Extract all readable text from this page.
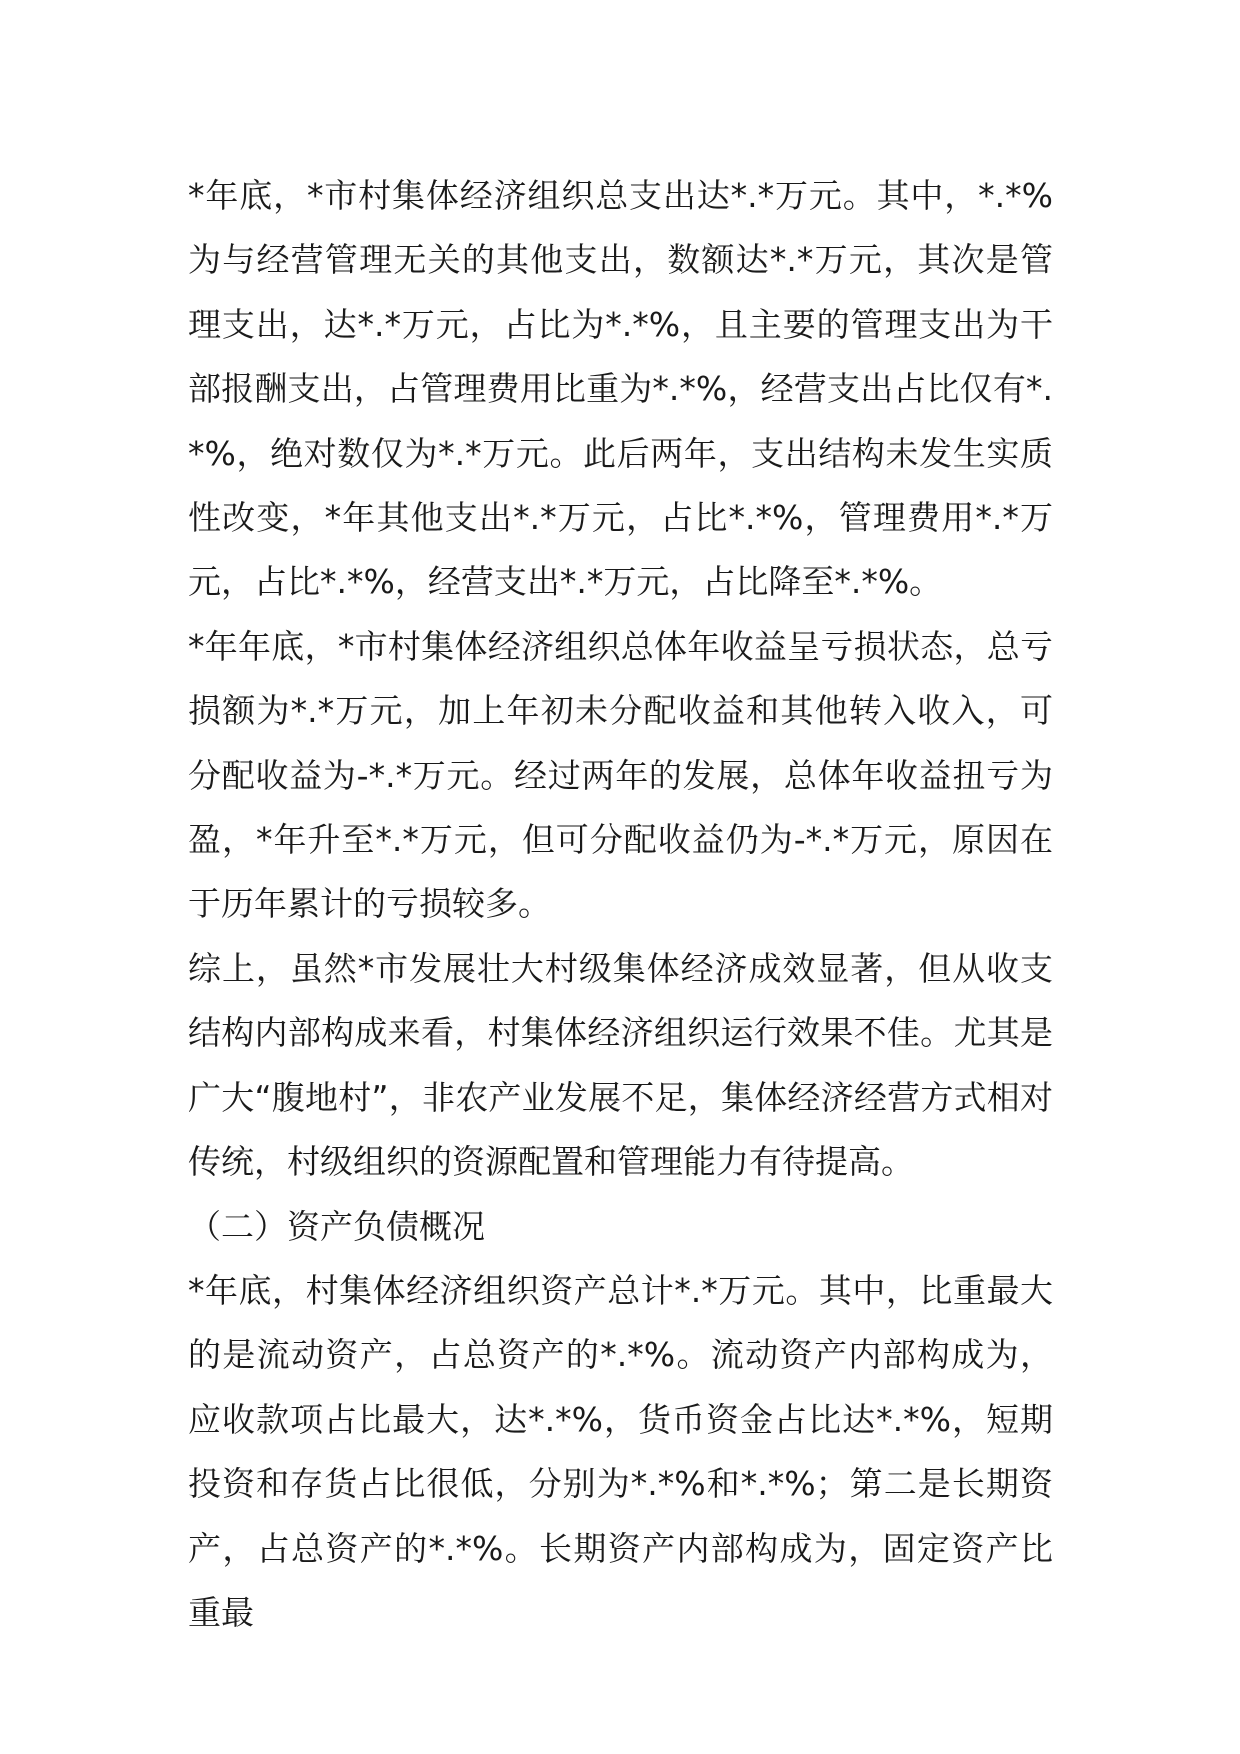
*年底，*市村集体经济组织总支出达*.*万元。其中，*.*%为与经营管理无关的其他支出，数额达*.*万元，其次是管理支出，达*.*万元，占比为*.*%，且主要的管理支出为干部报酬支出，占管理费用比重为*.*%，经营支出占比仅有*.*%，绝对数仅为*.*万元。此后两年，支出结构未发生实质性改变，*年其他支出*.*万元，占比*.*%，管理费用*.*万元，占比*.*%，经营支出*.*万元，占比降至*.*%。

*年年底，*市村集体经济组织总体年收益呈亏损状态，总亏损额为*.*万元，加上年初未分配收益和其他转入收入，可分配收益为-*.*万元。经过两年的发展，总体年收益扭亏为盈，*年升至*.*万元，但可分配收益仍为-*.*万元，原因在于历年累计的亏损较多。

综上，虽然*市发展壮大村级集体经济成效显著，但从收支结构内部构成来看，村集体经济组织运行效果不佳。尤其是广大“腹地村”，非农产业发展不足，集体经济经营方式相对传统，村级组织的资源配置和管理能力有待提高。

（二）资产负债概况

*年底，村集体经济组织资产总计*.*万元。其中，比重最大的是流动资产，占总资产的*.*%。流动资产内部构成为，应收款项占比最大，达*.*%，货币资金占比达*.*%，短期投资和存货占比很低，分别为*.*%和*.*%；第二是长期资产，占总资产的*.*%。长期资产内部构成为，固定资产比重最
